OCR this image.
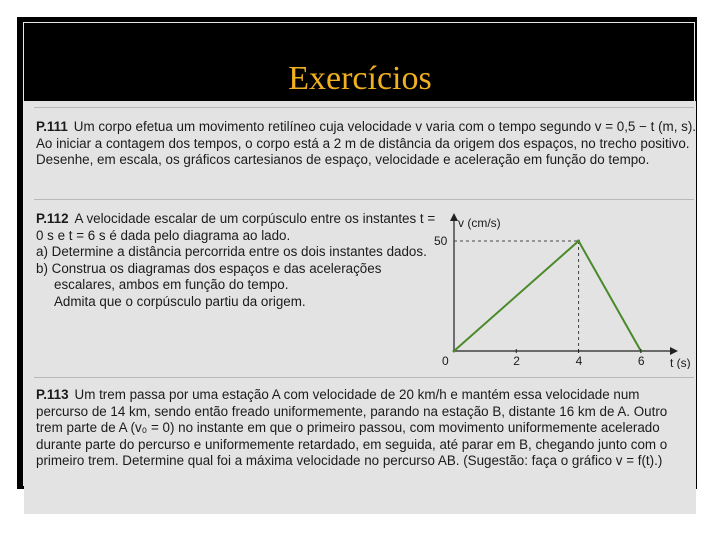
Exercícios
P.111 Um corpo efetua um movimento retilíneo cuja velocidade v varia com o tempo segundo v = 0,5 − t (m, s). Ao iniciar a contagem dos tempos, o corpo está a 2 m de distância da origem dos espaços, no trecho positivo. Desenhe, em escala, os gráficos cartesianos de espaço, velocidade e aceleração em função do tempo.
P.112 A velocidade escalar de um corpúsculo entre os instantes t = 0 s e t = 6 s é dada pelo diagrama ao lado.
a) Determine a distância percorrida entre os dois instantes dados.
b) Construa os diagramas dos espaços e das acelerações escalares, ambos em função do tempo.
Admita que o corpúsculo partiu da origem.
v (cm/s)
t (s)
0	2	4	6
50
P.113 Um trem passa por uma estação A com velocidade de 20 km/h e mantém essa velocidade num percurso de 14 km, sendo então freado uniformemente, parando na estação B, distante 16 km de A. Outro trem parte de A (v₀ = 0) no instante em que o primeiro passou, com movimento uniformemente acelerado durante parte do percurso e uniformemente retardado, em seguida, até parar em B, chegando junto com o primeiro trem. Determine qual foi a máxima velocidade no percurso AB. (Sugestão: faça o gráfico v = f(t).)
